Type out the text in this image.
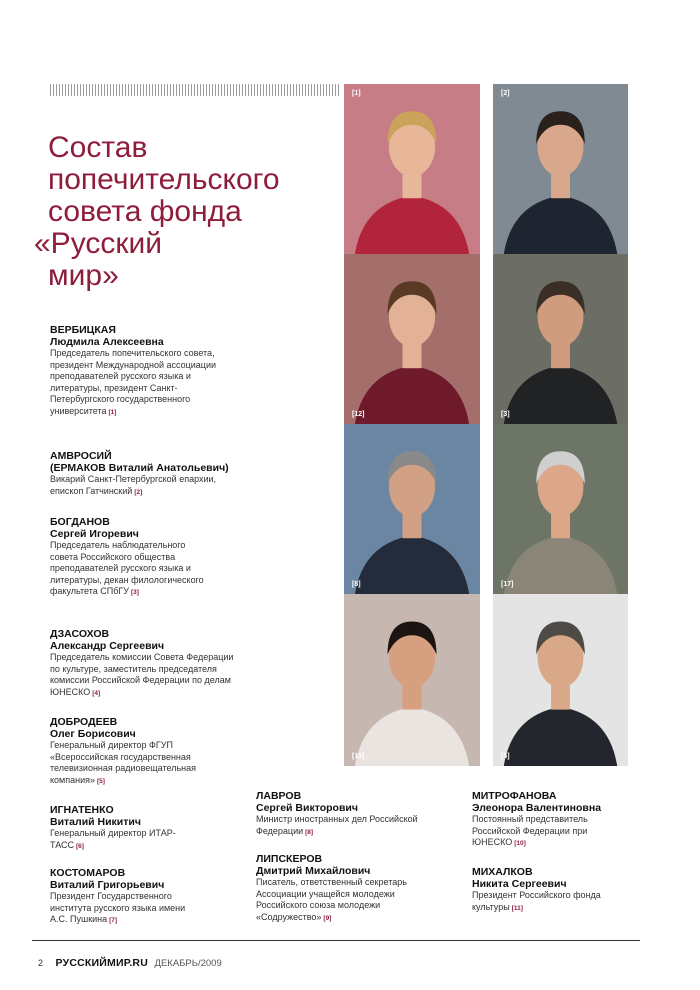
Состав
попечительского
совета фонда
«Русский
мир»
ВЕРБИЦКАЯ
Людмила Алексеевна
Председатель попечительского совета, президент Международной ассоциации преподавателей русского языка и литературы, президент Санкт-Петербургского государственного университета [1]
АМВРОСИЙ
(ЕРМАКОВ Виталий Анатольевич)
Викарий Санкт-Петербургской епархии, епископ Гатчинский [2]
БОГДАНОВ
Сергей Игоревич
Председатель наблюдательного совета Российского общества преподавателей русского языка и литературы, декан филологического факультета СПбГУ [3]
ДЗАСОХОВ
Александр Сергеевич
Председатель комиссии Совета Федерации по культуре, заместитель председателя комиссии Российской Федерации по делам ЮНЕСКО [4]
ДОБРОДЕЕВ
Олег Борисович
Генеральный директор ФГУП «Всероссийская государственная телевизионная радиовещательная компания» [5]
ИГНАТЕНКО
Виталий Никитич
Генеральный директор ИТАР-ТАСС [6]
КОСТОМАРОВ
Виталий Григорьевич
Президент Государственного института русского языка имени А.С. Пушкина [7]
ЛАВРОВ
Сергей Викторович
Министр иностранных дел Российской Федерации [8]
ЛИПСКЕРОВ
Дмитрий Михайлович
Писатель, ответственный секретарь Ассоциации учащейся молодежи Российского союза молодежи «Содружество» [9]
МИТРОФАНОВА
Элеонора Валентиновна
Постоянный представитель Российской Федерации при ЮНЕСКО [10]
МИХАЛКОВ
Никита Сергеевич
Президент Российского фонда культуры [11]
[1]	[2]
[12]	[3]
[8]	[17]
[13]	[5]
2 РУССКИЙМИР.RU ДЕКАБРЬ/2009
